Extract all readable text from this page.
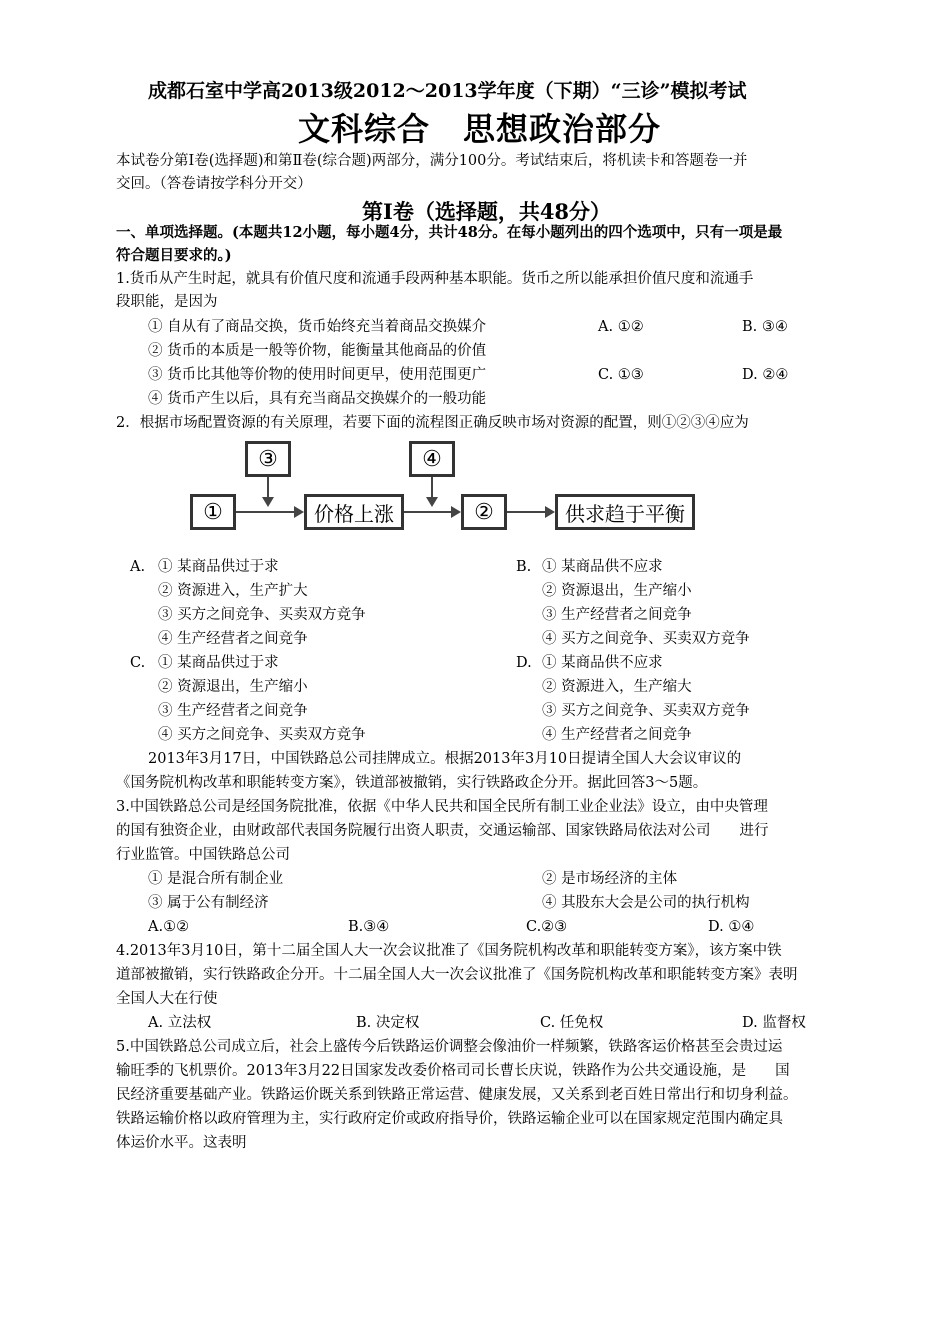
成都石室中学高2013级2012～2013学年度（下期）“三诊”模拟考试
文科综合　思想政治部分
本试卷分第Ⅰ卷(选择题)和第Ⅱ卷(综合题)两部分，满分100分。考试结束后，将机读卡和答题卷一并
交回。（答卷请按学科分开交）
第Ⅰ卷（选择题，共48分）
一、单项选择题。(本题共12小题，每小题4分，共计48分。在每小题列出的四个选项中，只有一项是最
符合题目要求的。)
1.货币从产生时起，就具有价值尺度和流通手段两种基本职能。货币之所以能承担价值尺度和流通手
段职能，是因为
① 自从有了商品交换，货币始终充当着商品交换媒介
② 货币的本质是一般等价物，能衡量其他商品的价值
③ 货币比其他等价物的使用时间更早，使用范围更广
④ 货币产生以后，具有充当商品交换媒介的一般功能
A. ①②	B. ③④
C. ①③	D. ②④
2．根据市场配置资源的有关原理，若要下面的流程图正确反映市场对资源的配置，则①②③④应为
③	④
①	价格上涨	②	供求趋于平衡
A. ① 某商品供过于求
② 资源进入，生产扩大
③ 买方之间竞争、买卖双方竞争
④ 生产经营者之间竞争
B. ① 某商品供不应求
② 资源退出，生产缩小
③ 生产经营者之间竞争
④ 买方之间竞争、买卖双方竞争
C. ① 某商品供过于求
② 资源退出，生产缩小
③ 生产经营者之间竞争
④ 买方之间竞争、买卖双方竞争
D. ① 某商品供不应求
② 资源进入，生产缩大
③ 买方之间竞争、买卖双方竞争
④ 生产经营者之间竞争
2013年3月17日，中国铁路总公司挂牌成立。根据2013年3月10日提请全国人大会议审议的
《国务院机构改革和职能转变方案》，铁道部被撤销，实行铁路政企分开。据此回答3～5题。
3.中国铁路总公司是经国务院批准，依据《中华人民共和国全民所有制工业企业法》设立，由中央管理
的国有独资企业，由财政部代表国务院履行出资人职责，交通运输部、国家铁路局依法对公司　　进行
行业监管。中国铁路总公司
① 是混合所有制企业	② 是市场经济的主体
③ 属于公有制经济	④ 其股东大会是公司的执行机构
A.①②	B.③④	C.②③	D. ①④
4.2013年3月10日，第十二届全国人大一次会议批准了《国务院机构改革和职能转变方案》，该方案中铁
道部被撤销，实行铁路政企分开。十二届全国人大一次会议批准了《国务院机构改革和职能转变方案》表明
全国人大在行使
A. 立法权	B. 决定权	C. 任免权	D. 监督权
5.中国铁路总公司成立后，社会上盛传今后铁路运价调整会像油价一样频繁，铁路客运价格甚至会贵过运
输旺季的飞机票价。2013年3月22日国家发改委价格司司长曹长庆说，铁路作为公共交通设施，是　　国
民经济重要基础产业。铁路运价既关系到铁路正常运营、健康发展，又关系到老百姓日常出行和切身利益。
铁路运输价格以政府管理为主，实行政府定价或政府指导价，铁路运输企业可以在国家规定范围内确定具
体运价水平。这表明
